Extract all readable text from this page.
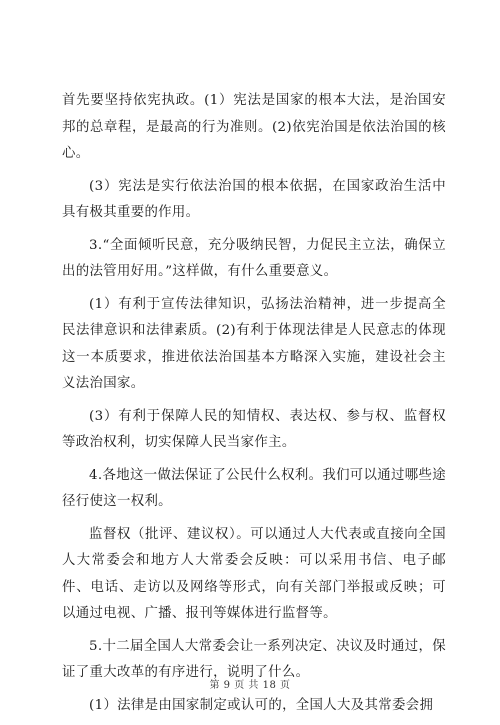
首先要坚持依宪执政。(1）宪法是国家的根本大法，是治国安邦的总章程，是最高的行为准则。(2)依宪治国是依法治国的核心。

(3）宪法是实行依法治国的根本依据，在国家政治生活中具有极其重要的作用。

3.“全面倾听民意，充分吸纳民智，力促民主立法，确保立出的法管用好用。”这样做，有什么重要意义。

(1）有利于宣传法律知识，弘扬法治精神，进一步提高全民法律意识和法律素质。(2)有利于体现法律是人民意志的体现这一本质要求，推进依法治国基本方略深入实施，建设社会主义法治国家。

(3）有利于保障人民的知情权、表达权、参与权、监督权等政治权利，切实保障人民当家作主。

4.各地这一做法保证了公民什么权利。我们可以通过哪些途径行使这一权利。

监督权（批评、建议权）。可以通过人大代表或直接向全国人大常委会和地方人大常委会反映：可以采用书信、电子邮件、电话、走访以及网络等形式，向有关部门举报或反映；可以通过电视、广播、报刊等媒体进行监督等。

5.十二届全国人大常委会让一系列决定、决议及时通过，保证了重大改革的有序进行，说明了什么。

(1）法律是由国家制定或认可的，全国人大及其常委会拥

第 9 页 共 18 页
